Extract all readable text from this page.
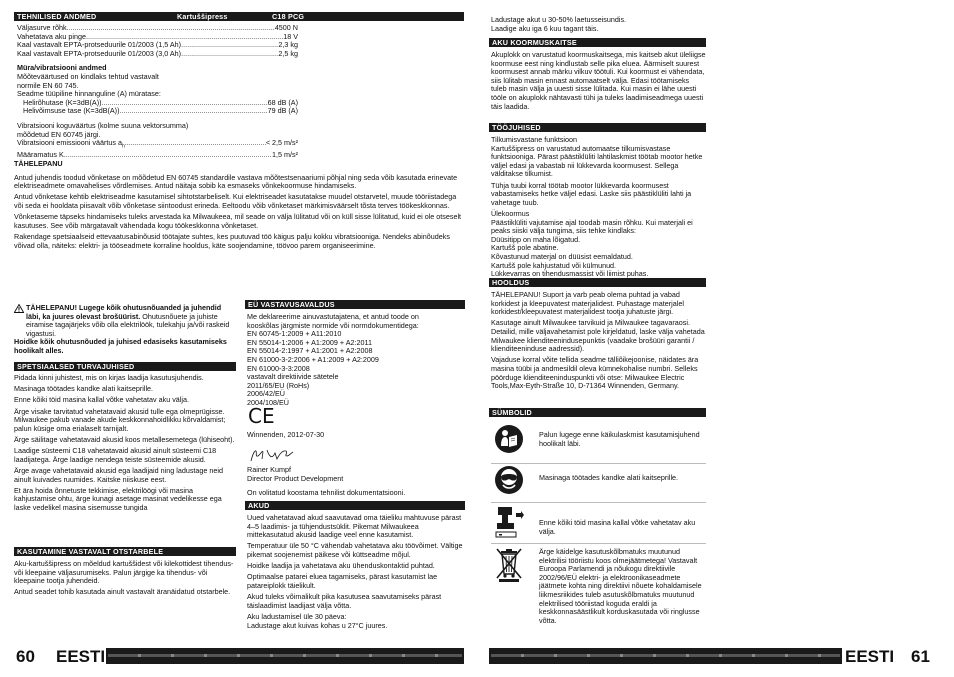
TEHNILISED ANDMED	Kartuššipress	C18 PCG
Väljasurve rõhk .....	4500 N
Vahetatava aku pinge .....	18 V
Kaal vastavalt EPTA-protseduurile 01/2003 (1,5 Ah) .....	2,3 kg
Kaal vastavalt EPTA-protseduurile 01/2003 (3,0 Ah) .....	2,5 kg
Müra/vibratsiooni andmed
Mõõteväärtused on kindlaks tehtud vastavalt
normile EN 60 745.
Seadme tüüpiline hinnanguline (A) müratase:
Helirõhutase (K=3dB(A)) .....	68 dB (A)
Helivõimsuse tase (K=3dB(A)) .....	79 dB (A)
Vibratsiooni koguväärtus (kolme suuna vektorsumma)
mõõdetud EN 60745 järgi.
Vibratsiooni emissiooni väärtus $a_h$ .....	< 2,5 m/s²
Määramatus K .....	1,5 m/s²
TÄHELEPANU
Antud juhendis toodud võnketase on mõõdetud EN 60745 standardile vastava mõõtestsenaariumi põhjal ning seda võib kasutada erinevate elektriseadmete omavahelises võrdlemises. Antud näitaja sobib ka esmaseks võnkekoormuse hindamiseks.
Antud võnketase kehtib elektriseadme kasutamisel sihtotstarbeliselt. Kui elektriseadet kasutatakse muudel otstarvetel, muude tööriistadega või seda ei hooldata piisavalt võib võnketase siintoodust erineda. Eeltoodu võib võnketaset märkimisväärselt tõsta terves töökeskkonnas.
Võnketaseme täpseks hindamiseks tuleks arvestada ka Milwaukeea, mil seade on välja lülitatud või on küll sisse lülitatud, kuid ei ole otseselt kasutuses. See võib märgatavalt vähendada kogu töökeskkonna võnketaset.
Rakendage spetsiaalseid ettevaatusabinõusid töötajate suhtes, kes puutuvad töö käigus palju kokku vibratsiooniga. Nendeks abinõudeks võivad olla, näiteks: elektri- ja tööseadmete korraline hooldus, käte soojendamine, töövoo parem organiseerimine.
TÄHELEPANU! Lugege kõik ohutusnõuanded ja juhendid läbi, ka juures olevast brošüürist. Ohutusnõuete ja juhiste eiramise tagajärjeks võib olla elektrilöök, tulekahju ja/või raskeid vigastusi.
Hoidke kõik ohutusnõuded ja juhised edasiseks kasutamiseks hoolikalt alles.
SPETSIAALSED TURVAJUHISED
Pidada kinni juhistest, mis on kirjas laadija kasutusjuhendis.
Masinaga töötades kandke alati kaitseprille.
Enne kõiki töid masina kallal võtke vahetatav aku välja.
Ärge visake tarvitatud vahetatavaid akusid tulle ega olmeprügisse. Milwaukee pakub vanade akude keskkonnahoidlikku kõrvaldamist; palun küsige oma erialaselt tarnijalt.
Ärge säilitage vahetatavaid akusid koos metallesemetega (lühiseoht).
Laadige süsteemi C18 vahetatavaid akusid ainult süsteemi C18 laadijatega. Ärge laadige nendega teiste süsteemide akusid.
Ärge avage vahetatavaid akusid ega laadijaid ning ladustage neid ainult kuivades ruumides. Kaitske niiskuse eest.
Et ära hoida õnnetuste tekkimise, elektrilöögi või masina kahjustamise ohtu, ärge kunagi asetage masinat vedelikesse ega laske vedelikel masina sisemusse tungida
KASUTAMINE VASTAVALT OTSTARBELE
Aku-kartuššipress on mõeldud kartuššidest või kilekottidest tihendus- või kleepaine väljasurumiseks. Palun järgige ka tihendus- või kleepaine tootja juhendeid.
Antud seadet tohib kasutada ainult vastavalt äranäidatud otstarbele.
EÜ VASTAVUSAVALDUS
Me deklareerime ainuvastutajatena, et antud toode on
kooskõlas järgmiste normide või normdokumentidega:
EN 60745-1:2009 + A11:2010
EN 55014-1:2006 + A1:2009 + A2:2011
EN 55014-2:1997 + A1:2001 + A2:2008
EN 61000-3-2:2006 + A1:2009 + A2:2009
EN 61000-3-3:2008
vastavalt direktiivide sätetele
2011/65/EU (RoHs)
2006/42/EÜ
2004/108/EÜ
CE
Winnenden, 2012-07-30
Rainer Kumpf
Director Product Development
On volitatud koostama tehnilist dokumentatsiooni.
AKUD
Uued vahetatavad akud saavutavad oma täieliku mahtuvuse pärast 4–5 laadimis- ja tühjendustsüklit. Pikemat Milwaukeea mittekasutatud akusid laadige veel enne kasutamist.
Temperatuur üle 50 °C vähendab vahetatava aku töövõimet. Vältige pikemat soojenemist päikese või küttseadme mõjul.
Hoidke laadija ja vahetatava aku ühenduskontaktid puhtad.
Optimaalse patarei eluea tagamiseks, pärast kasutamist lae patareiplokk täielikult.
Akud tuleks võimalikult pika kasutusea saavutamiseks pärast täislaadimist laadijast välja võtta.
Aku ladustamisel üle 30 päeva:
Ladustage akut kuivas kohas u 27°C juures.
60 EESTI
Ladustage akut u 30-50% laetusseisundis.
Laadige aku iga 6 kuu tagant täis.
AKU KOORMUSKAITSE
Akuplokk on varustatud koormuskaitsega, mis kaitseb akut üleliigse koormuse eest ning kindlustab selle pika eluea. Äärmiselt suurest koormusest annab märku vilkuv töötuli. Kui koormust ei vähendata, siis lülitab masin ennast automaatselt välja. Edasi töötamiseks tuleb masin välja ja uuesti sisse lülitada. Kui masin ei lähe uuesti tööle on akuplokk nähtavasti tühi ja tuleks laadimiseadmega uuesti täis laadida.
TÖÖJUHISED
Tilkumisvastane funktsioon
Kartuššipress on varustatud automaatse tilkumisvastase funktsiooniga. Pärast päästiklüliti lahtilaskmist töötab mootor hetke väljel edasi ja vabastab nii lükkevarda koormusest. Sellega välditakse tilkumist.
Tühja tuubi korral töötab mootor lükkevarda koormusest vabastamiseks hetke väljel edasi. Laske siis päästiklüliti lahti ja vahetage tuub.
Ülekoormus
Päästiklüliti vajutamise ajal toodab masin rõhku. Kui materjali ei peaks siiski välja tungima, siis tehke kindlaks:
Düüsitipp on maha lõigatud.
Kartušš pole abatine.
Kõvastunud materjal on düüsist eemaldatud.
Kartušš pole kahjustatud või külmunud.
Lükkevarras on tihendusmassist või liimist puhas.
HOOLDUS
TÄHELEPANU! Suport ja varb peab olema puhtad ja vabad korkidest ja kleepuvatest materjalidest. Puhastage materjalel korkidest/kleepuvatest materjalidest tootja juhatuste järgi.
Kasutage ainult Milwaukee tarvikuid ja Milwaukee tagavaraosi. Detailid, mille väljavahetamist pole kirjeldatud, laske välja vahetada Milwaukee klienditeenindusepunktis (vaadake brošüüri garantii / klienditeeninduse aadressid).
Vajaduse korral võite tellida seadme tälliõikejoonise, näidates ära masina tüübi ja andmesildil oleva kümnekohalise numbri. Selleks pöörduge klienditeeninduspunkti või otse: Milwaukee Electric Tools,Max-Eyth-Straße 10, D-71364 Winnenden, Germany.
SÜMBOLID
Palun lugege enne käikulaskmist kasutamisjuhend hoolikalt läbi.
Masinaga töötades kandke alati kaitseprille.
Enne kõiki töid masina kallal võtke vahetatav aku välja.
Ärge käidelge kasutuskõlbmatuks muutunud elektrilisi tööriistu koos olmejäätmetega! Vastavalt Euroopa Parlamendi ja nõukogu direktiivile 2002/96/EÜ elektri- ja elektroonikaseadmete jäätmete kohta ning direktiivi nõuete kohaldamisele liikmesriikides tuleb asutuskõlbmatuks muutunud elektrilised tööriistad koguda eraldi ja keskkonnasäästlikult korduskasutada või ringlusse võtta.
EESTI 61
